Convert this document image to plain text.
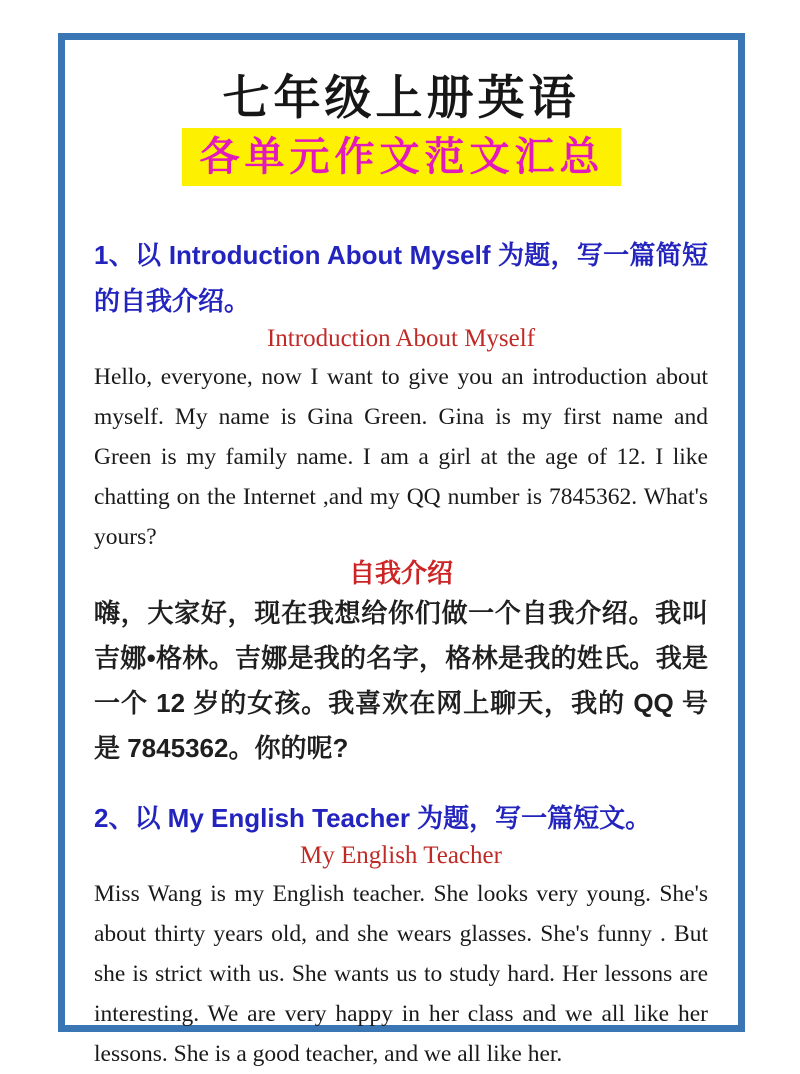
七年级上册英语
各单元作文范文汇总
1、以 Introduction About Myself 为题，写一篇简短的自我介绍。
Introduction About Myself
Hello, everyone, now I want to give you an introduction about myself. My name is Gina Green. Gina is my first name and Green is my family name. I am a girl at the age of 12. I like chatting on the Internet ,and my QQ number is 7845362. What's yours?
自我介绍
嗨，大家好，现在我想给你们做一个自我介绍。我叫吉娜•格林。吉娜是我的名字，格林是我的姓氏。我是一个 12 岁的女孩。我喜欢在网上聊天，我的 QQ 号是 7845362。你的呢?
2、以 My English Teacher 为题，写一篇短文。
My English Teacher
Miss Wang is my English teacher. She looks very young. She's about thirty years old, and she wears glasses. She's funny . But she is strict with us. She wants us to study hard. Her lessons are interesting. We are very happy in her class and we all like her lessons. She is a good teacher, and we all like her.
